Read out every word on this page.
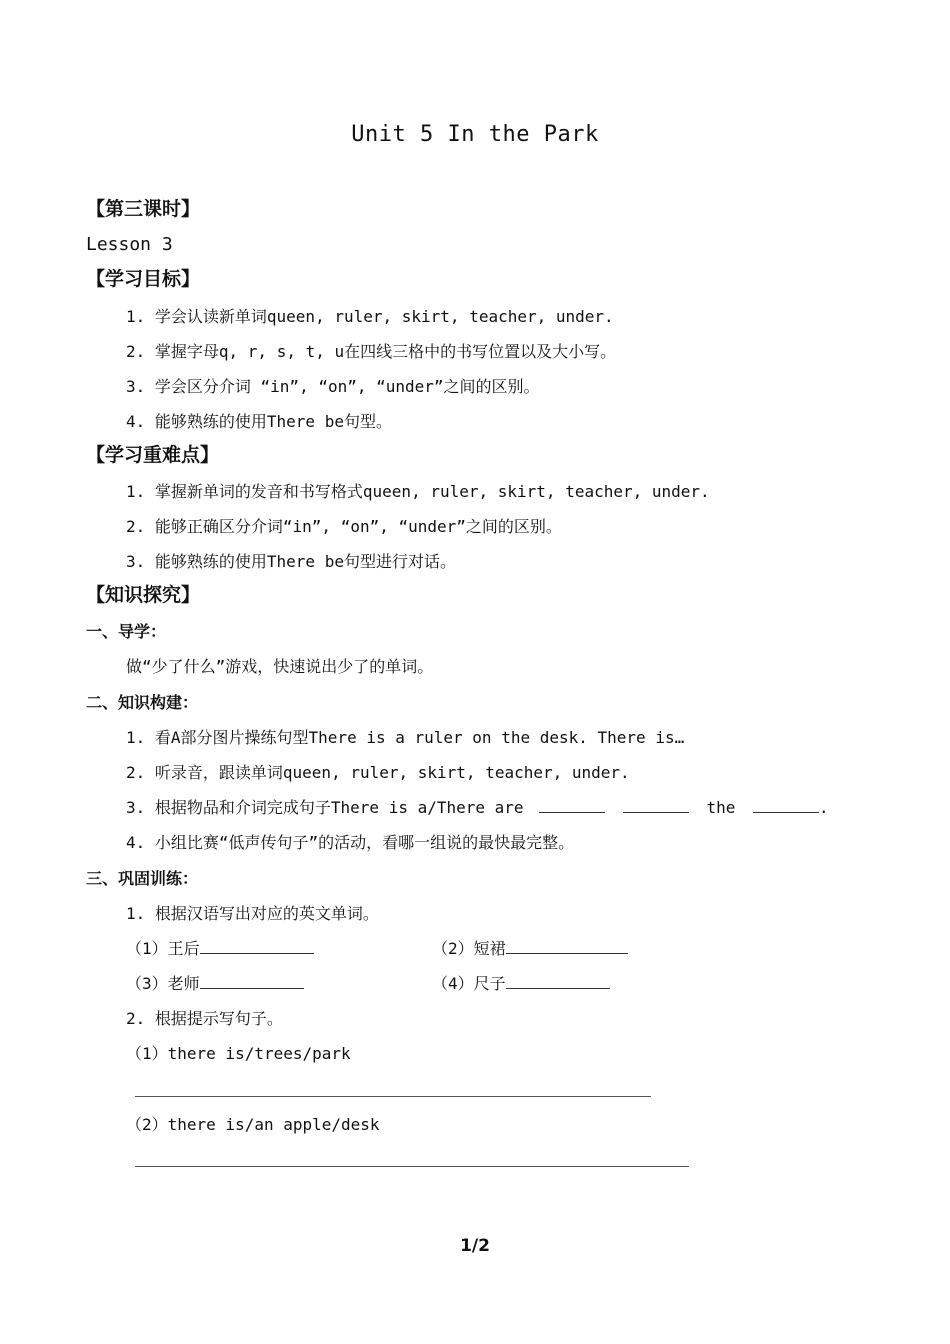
Unit 5 In the Park
【第三课时】
Lesson 3
【学习目标】
1. 学会认读新单词queen, ruler, skirt, teacher, under.
2. 掌握字母q, r, s, t, u在四线三格中的书写位置以及大小写。
3. 学会区分介词 “in”, “on”, “under”之间的区别。
4. 能够熟练的使用There be句型。
【学习重难点】
1. 掌握新单词的发音和书写格式queen, ruler, skirt, teacher, under.
2. 能够正确区分介词“in”, “on”, “under”之间的区别。
3. 能够熟练的使用There be句型进行对话。
【知识探究】
一、导学：
做“少了什么”游戏，快速说出少了的单词。
二、知识构建：
1. 看A部分图片操练句型There is a ruler on the desk. There is…
2. 听录音，跟读单词queen, ruler, skirt, teacher, under.
3. 根据物品和介词完成句子There is a/There are	the	.
4. 小组比赛“低声传句子”的活动，看哪一组说的最快最完整。
三、巩固训练：
1. 根据汉语写出对应的英文单词。
（1）王后	（2）短裙
（3）老师	（4）尺子
2. 根据提示写句子。
（1）there is/trees/park
（2）there is/an apple/desk
1/2
